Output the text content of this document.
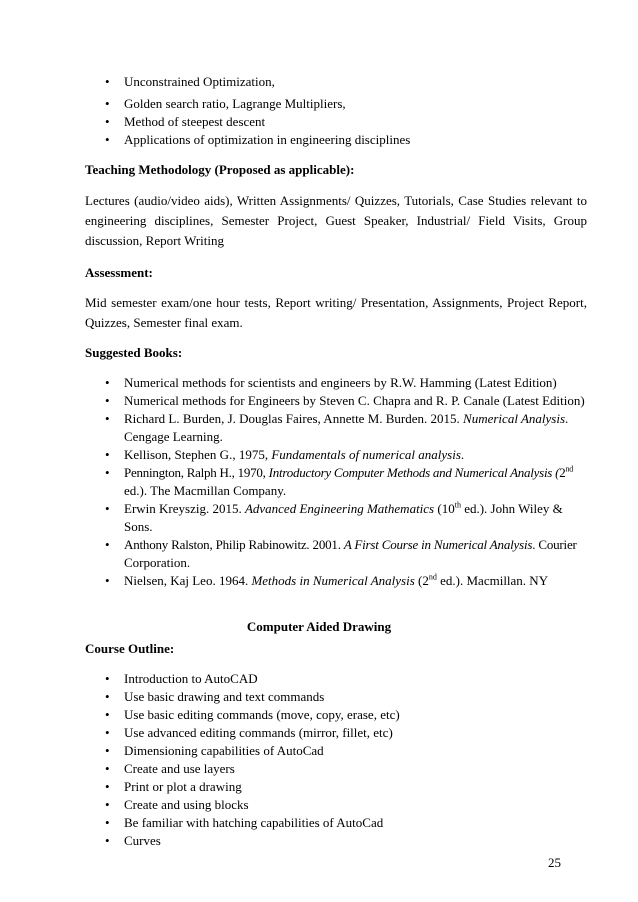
•	Unconstrained Optimization,
•	Golden search ratio, Lagrange Multipliers,
•	Method of steepest descent
•	Applications of optimization in engineering disciplines
Teaching Methodology (Proposed as applicable):
Lectures (audio/video aids), Written Assignments/ Quizzes, Tutorials, Case Studies relevant to
engineering disciplines, Semester Project, Guest Speaker, Industrial/ Field Visits, Group
discussion, Report Writing
Assessment:
Mid semester exam/one hour tests, Report writing/ Presentation, Assignments, Project Report,
Quizzes, Semester final exam.
Suggested Books:
•	Numerical methods for scientists and engineers by R.W. Hamming (Latest Edition)
•	Numerical methods for Engineers by Steven C. Chapra and R. P. Canale (Latest Edition)
•	Richard L. Burden, J. Douglas Faires, Annette M. Burden. 2015. Numerical Analysis.
Cengage Learning.
•	Kellison, Stephen G., 1975, Fundamentals of numerical analysis.
•	Pennington, Ralph H., 1970, Introductory Computer Methods and Numerical Analysis (2nd
ed.). The Macmillan Company.
•	Erwin Kreyszig. 2015. Advanced Engineering Mathematics (10th ed.). John Wiley &
Sons.
•	Anthony Ralston, Philip Rabinowitz. 2001. A First Course in Numerical Analysis. Courier
Corporation.
•	Nielsen, Kaj Leo. 1964. Methods in Numerical Analysis (2nd ed.). Macmillan. NY
Computer Aided Drawing
Course Outline:
•	Introduction to AutoCAD
•	Use basic drawing and text commands
•	Use basic editing commands (move, copy, erase, etc)
•	Use advanced editing commands (mirror, fillet, etc)
•	Dimensioning capabilities of AutoCad
•	Create and use layers
•	Print or plot a drawing
•	Create and using blocks
•	Be familiar with hatching capabilities of AutoCad
•	Curves
25
